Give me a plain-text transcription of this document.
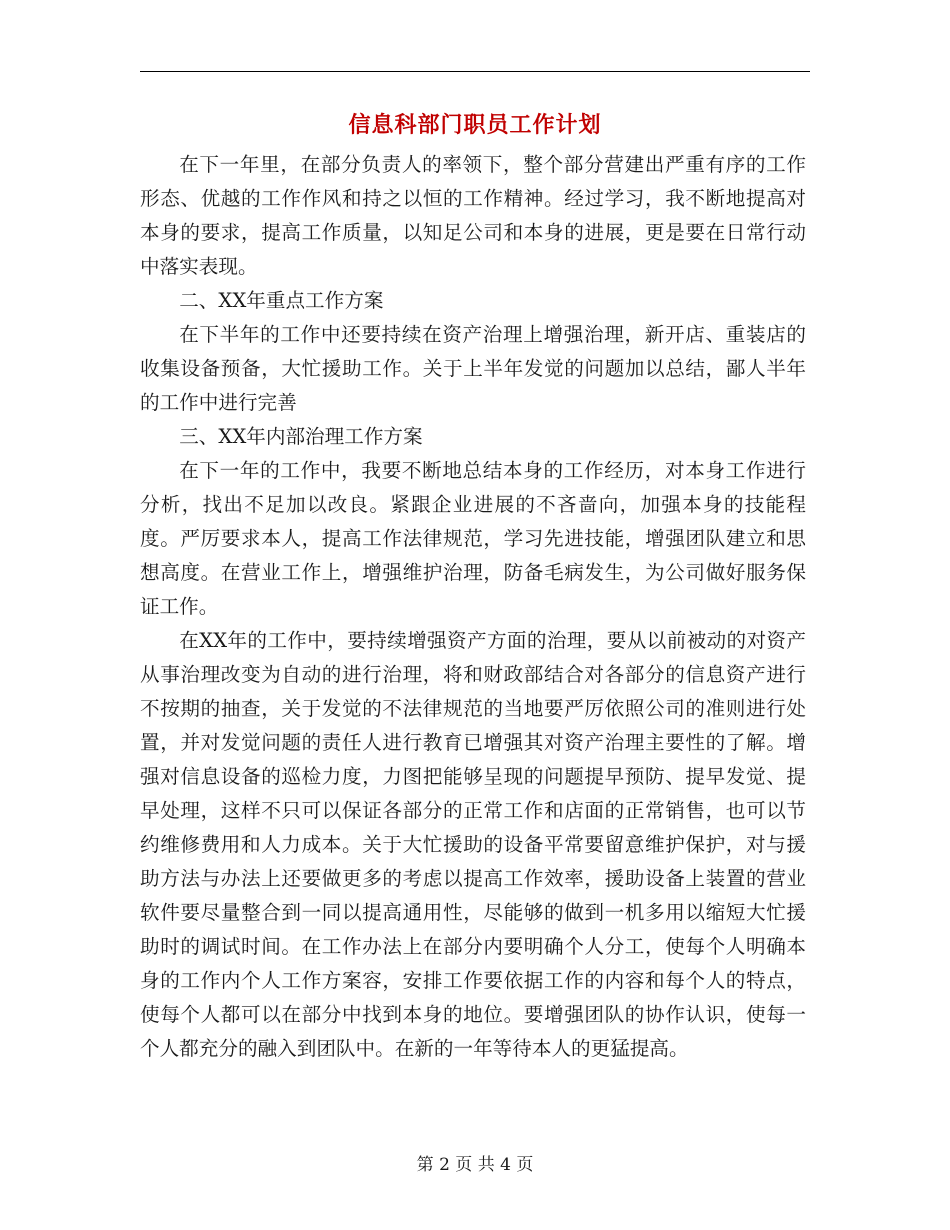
信息科部门职员工作计划

在下一年里，在部分负责人的率领下，整个部分营建出严重有序的工作形态、优越的工作作风和持之以恒的工作精神。经过学习，我不断地提高对本身的要求，提高工作质量，以知足公司和本身的进展，更是要在日常行动中落实表现。

二、XX年重点工作方案

在下半年的工作中还要持续在资产治理上增强治理，新开店、重装店的收集设备预备，大忙援助工作。关于上半年发觉的问题加以总结，鄙人半年的工作中进行完善

三、XX年内部治理工作方案

在下一年的工作中，我要不断地总结本身的工作经历，对本身工作进行分析，找出不足加以改良。紧跟企业进展的不吝啬向，加强本身的技能程度。严厉要求本人，提高工作法律规范，学习先进技能，增强团队建立和思想高度。在营业工作上，增强维护治理，防备毛病发生，为公司做好服务保证工作。

在XX年的工作中，要持续增强资产方面的治理，要从以前被动的对资产从事治理改变为自动的进行治理，将和财政部结合对各部分的信息资产进行不按期的抽查，关于发觉的不法律规范的当地要严厉依照公司的准则进行处置，并对发觉问题的责任人进行教育已增强其对资产治理主要性的了解。增强对信息设备的巡检力度，力图把能够呈现的问题提早预防、提早发觉、提早处理，这样不只可以保证各部分的正常工作和店面的正常销售，也可以节约维修费用和人力成本。关于大忙援助的设备平常要留意维护保护，对与援助方法与办法上还要做更多的考虑以提高工作效率，援助设备上装置的营业软件要尽量整合到一同以提高通用性，尽能够的做到一机多用以缩短大忙援助时的调试时间。在工作办法上在部分内要明确个人分工，使每个人明确本身的工作内个人工作方案容，安排工作要依据工作的内容和每个人的特点，使每个人都可以在部分中找到本身的地位。要增强团队的协作认识，使每一个人都充分的融入到团队中。在新的一年等待本人的更猛提高。

第 2 页 共 4 页
